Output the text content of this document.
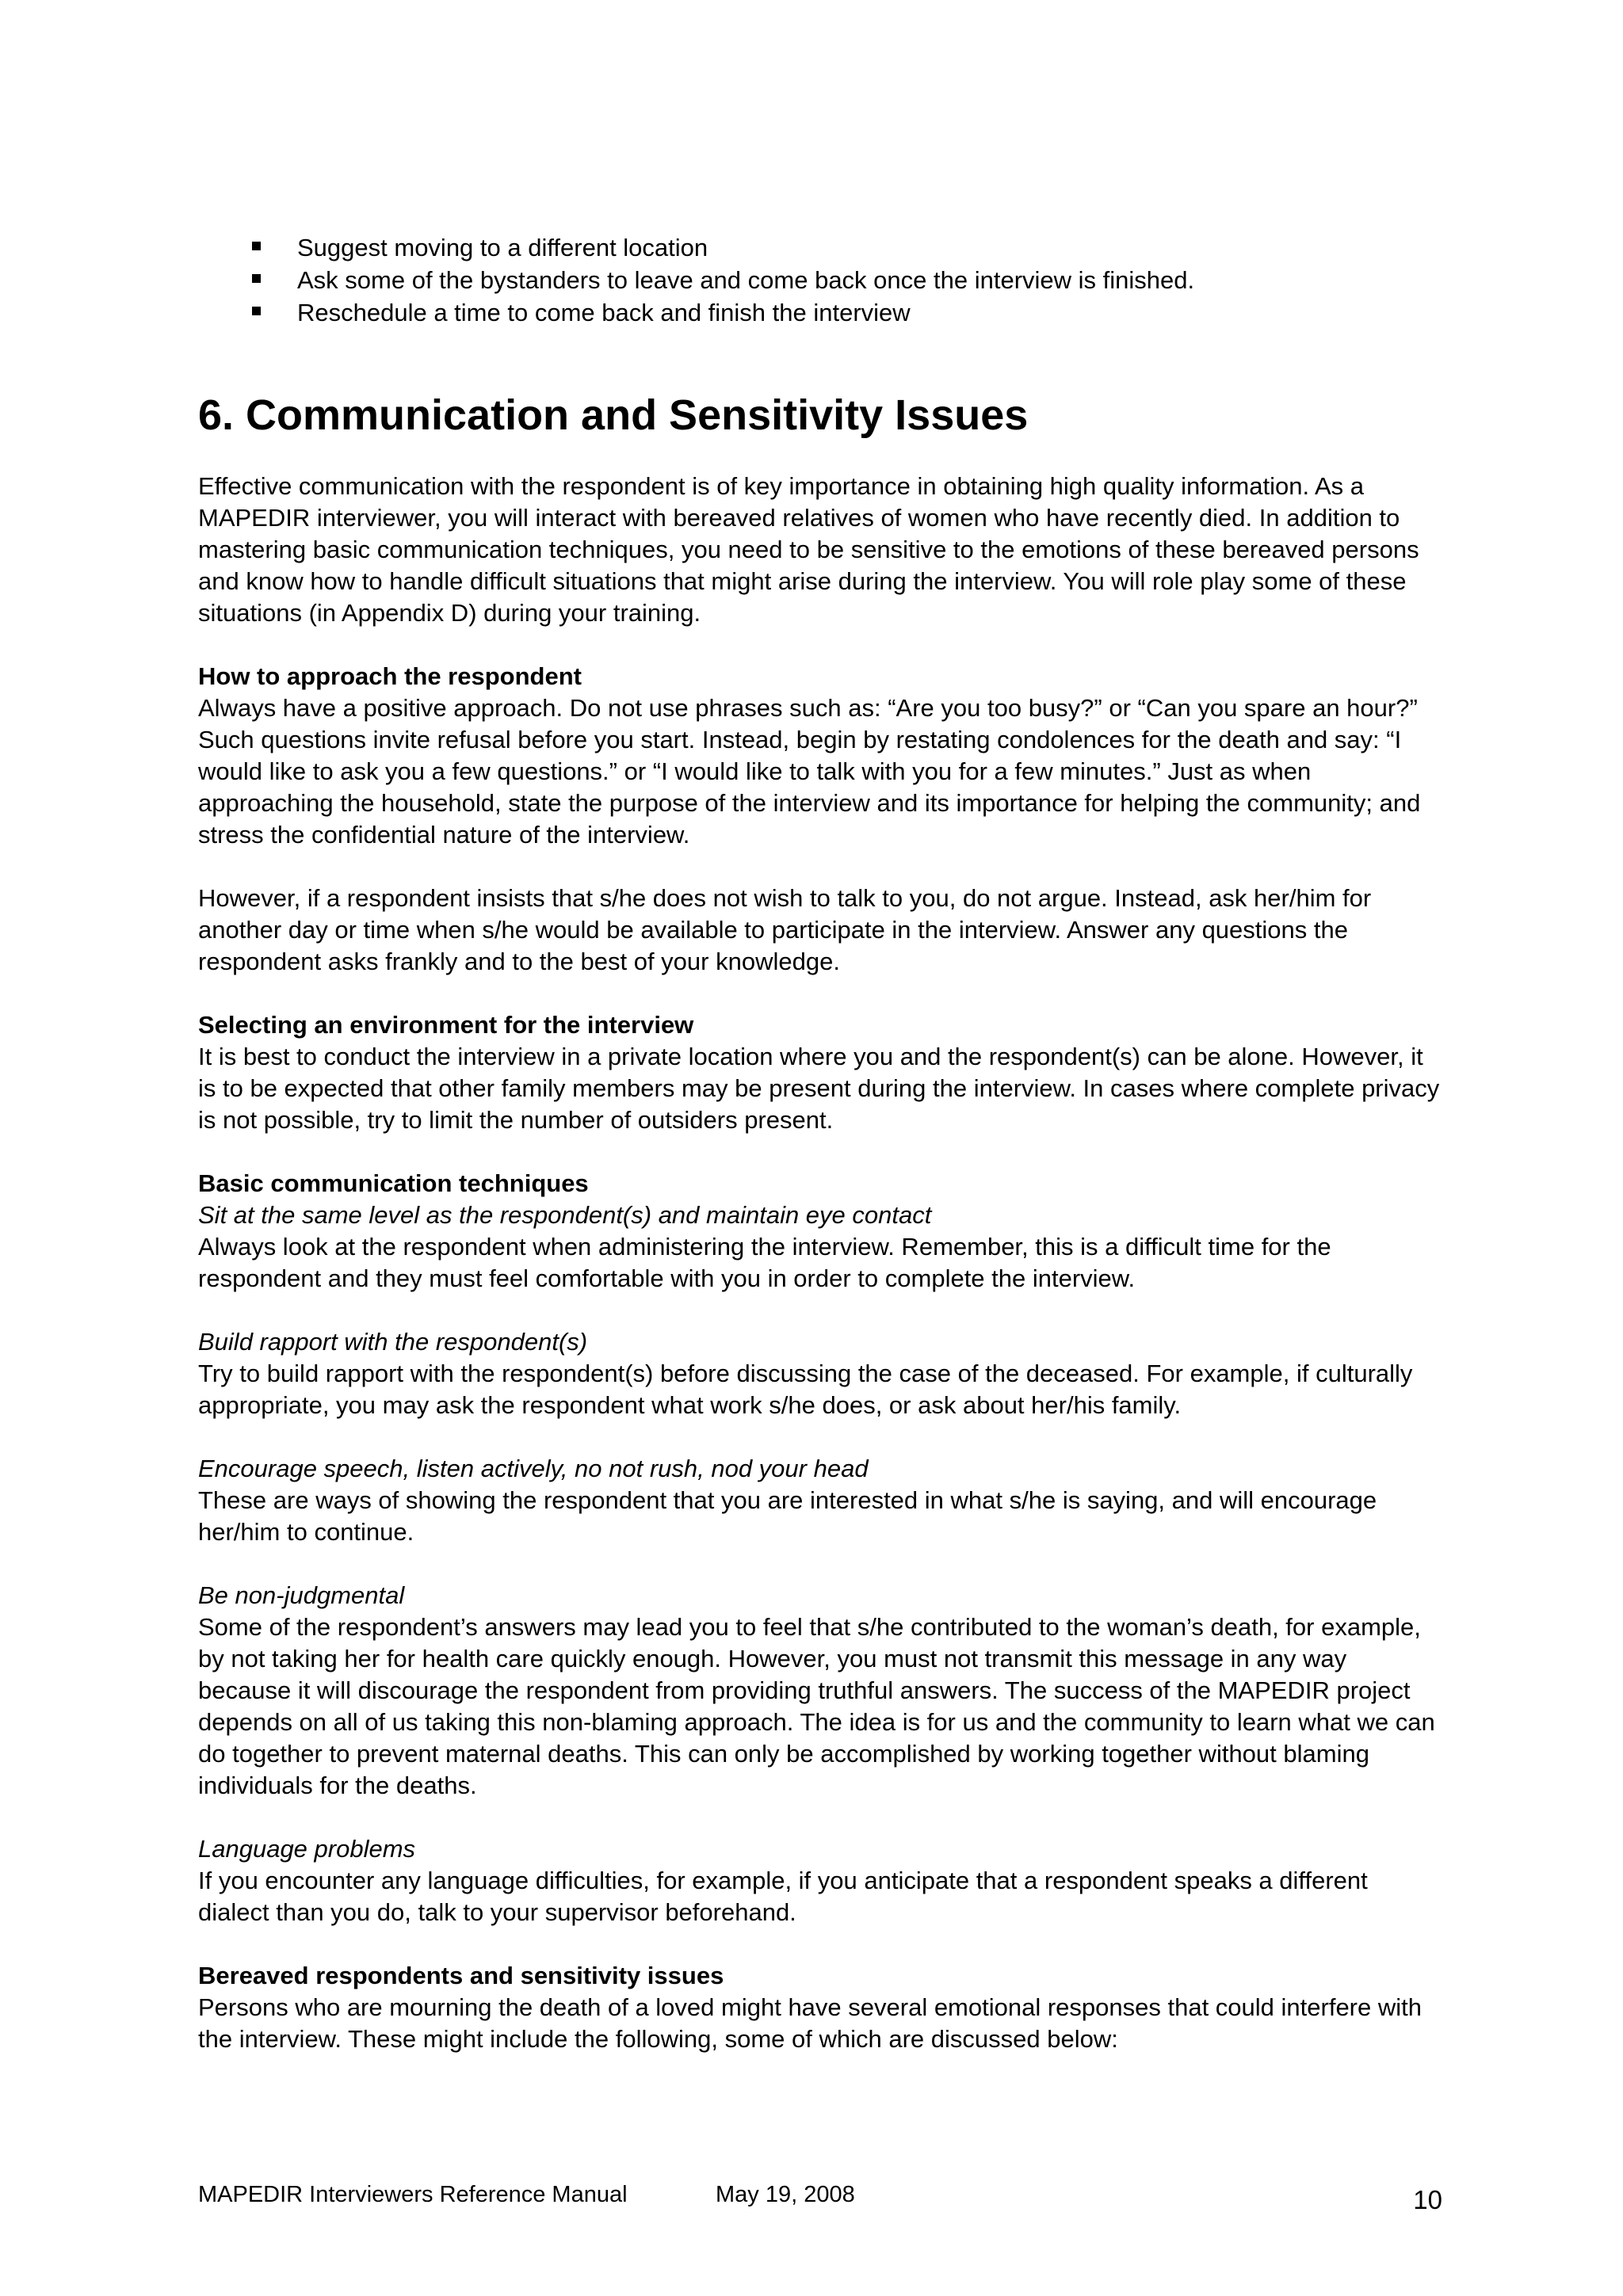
Suggest moving to a different location
Ask some of the bystanders to leave and come back once the interview is finished.
Reschedule a time to come back and finish the interview
6. Communication and Sensitivity Issues

Effective communication with the respondent is of key importance in obtaining high quality information. As a MAPEDIR interviewer, you will interact with bereaved relatives of women who have recently died. In addition to mastering basic communication techniques, you need to be sensitive to the emotions of these bereaved persons and know how to handle difficult situations that might arise during the interview. You will role play some of these situations (in Appendix D) during your training.

How to approach the respondent

Always have a positive approach. Do not use phrases such as: “Are you too busy?” or “Can you spare an hour?” Such questions invite refusal before you start. Instead, begin by restating condolences for the death and say: “I would like to ask you a few questions.” or “I would like to talk with you for a few minutes.” Just as when approaching the household, state the purpose of the interview and its importance for helping the community; and stress the confidential nature of the interview.

However, if a respondent insists that s/he does not wish to talk to you, do not argue. Instead, ask her/him for another day or time when s/he would be available to participate in the interview. Answer any questions the respondent asks frankly and to the best of your knowledge.

Selecting an environment for the interview

It is best to conduct the interview in a private location where you and the respondent(s) can be alone. However, it is to be expected that other family members may be present during the interview. In cases where complete privacy is not possible, try to limit the number of outsiders present.

Basic communication techniques

Sit at the same level as the respondent(s) and maintain eye contact

Always look at the respondent when administering the interview. Remember, this is a difficult time for the respondent and they must feel comfortable with you in order to complete the interview.

Build rapport with the respondent(s)

Try to build rapport with the respondent(s) before discussing the case of the deceased. For example, if culturally appropriate, you may ask the respondent what work s/he does, or ask about her/his family.

Encourage speech, listen actively, no not rush, nod your head

These are ways of showing the respondent that you are interested in what s/he is saying, and will encourage her/him to continue.

Be non-judgmental

Some of the respondent’s answers may lead you to feel that s/he contributed to the woman’s death, for example, by not taking her for health care quickly enough. However, you must not transmit this message in any way because it will discourage the respondent from providing truthful answers. The success of the MAPEDIR project depends on all of us taking this non-blaming approach. The idea is for us and the community to learn what we can do together to prevent maternal deaths. This can only be accomplished by working together without blaming individuals for the deaths.

Language problems

If you encounter any language difficulties, for example, if you anticipate that a respondent speaks a different dialect than you do, talk to your supervisor beforehand.

Bereaved respondents and sensitivity issues

Persons who are mourning the death of a loved might have several emotional responses that could interfere with the interview. These might include the following, some of which are discussed below:

MAPEDIR Interviewers Reference Manual	May 19, 2008	10
